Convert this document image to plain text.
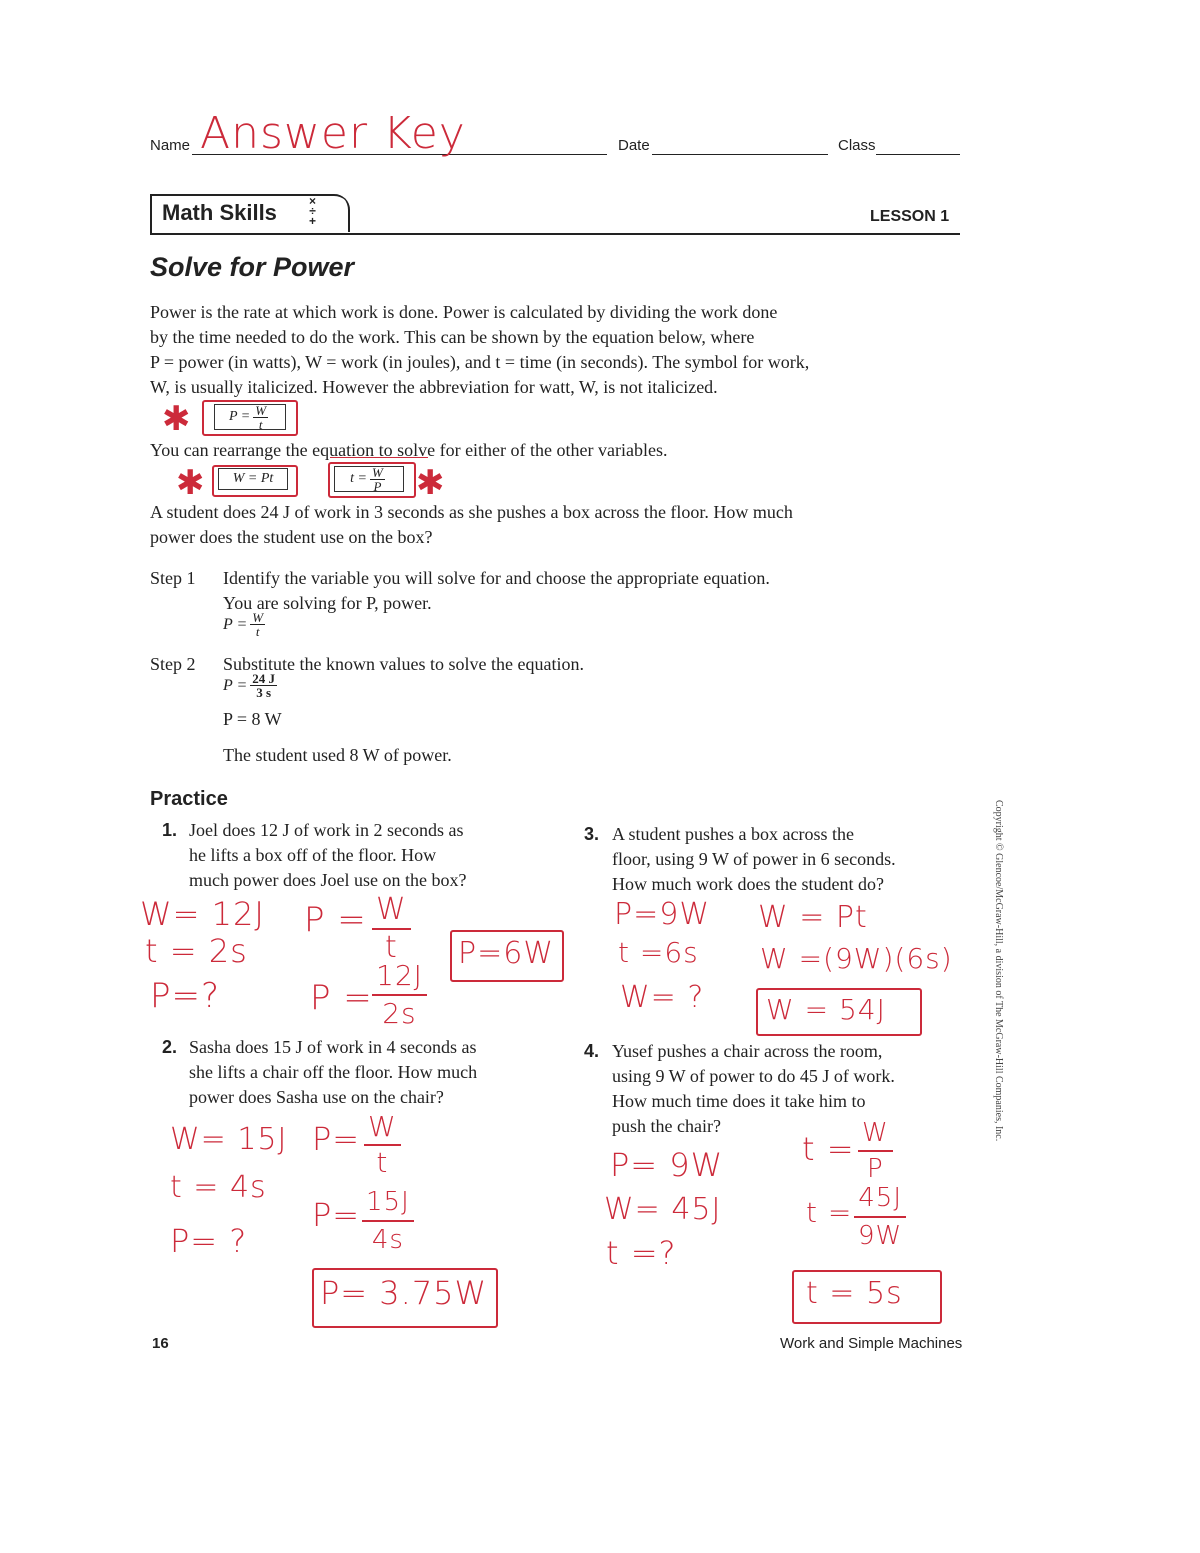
Name Answer Key	Date	Class
Math Skills	×
÷
+	LESSON 1
Solve for Power
Power is the rate at which work is done. Power is calculated by dividing the work done
by the time needed to do the work. This can be shown by the equation below, where
P = power (in watts), W = work (in joules), and t = time (in seconds). The symbol for work,
W, is usually italicized. However the abbreviation for watt, W, is not italicized.
✱	$P = \frac{W}{t}$
You can rearrange the equation to solve for either of the other variables.
✱	W = Pt	$t = \frac{W}{P}$ ✱
A student does 24 J of work in 3 seconds as she pushes a box across the floor. How much
power does the student use on the box?
Step 1 Identify the variable you will solve for and choose the appropriate equation.
You are solving for P, power.
$P = \frac{W}{t}$
Step 2 Substitute the known values to solve the equation.
$P = \frac{24 J}{3 s}$
P = 8 W
The student used 8 W of power.
Practice
1. Joel does 12 J of work in 2 seconds as
he lifts a box off of the floor. How
much power does Joel use on the box?
W= 12J
t = 2s
P=?
$P = \frac{W}{t}$
$P = \frac{12J}{2s}$
P=6W
2. Sasha does 15 J of work in 4 seconds as
she lifts a chair off the floor. How much
power does Sasha use on the chair?
W= 15J
t = 4s
P= ?
$P= \frac{W}{t}$
$P= \frac{15J}{4s}$
P= 3.75W
3. A student pushes a box across the
floor, using 9 W of power in 6 seconds.
How much work does the student do?
P=9W
t =6s
W= ?
W = Pt
W =(9W)(6s)
W = 54J
4. Yusef pushes a chair across the room,
using 9 W of power to do 45 J of work.
How much time does it take him to
push the chair?
P= 9W
W= 45J
t =?
$t = \frac{W}{P}$
$t = \frac{45J}{9W}$
t = 5s
Copyright © Glencoe/McGraw-Hill, a division of The McGraw-Hill Companies, Inc.
16	Work and Simple Machines
